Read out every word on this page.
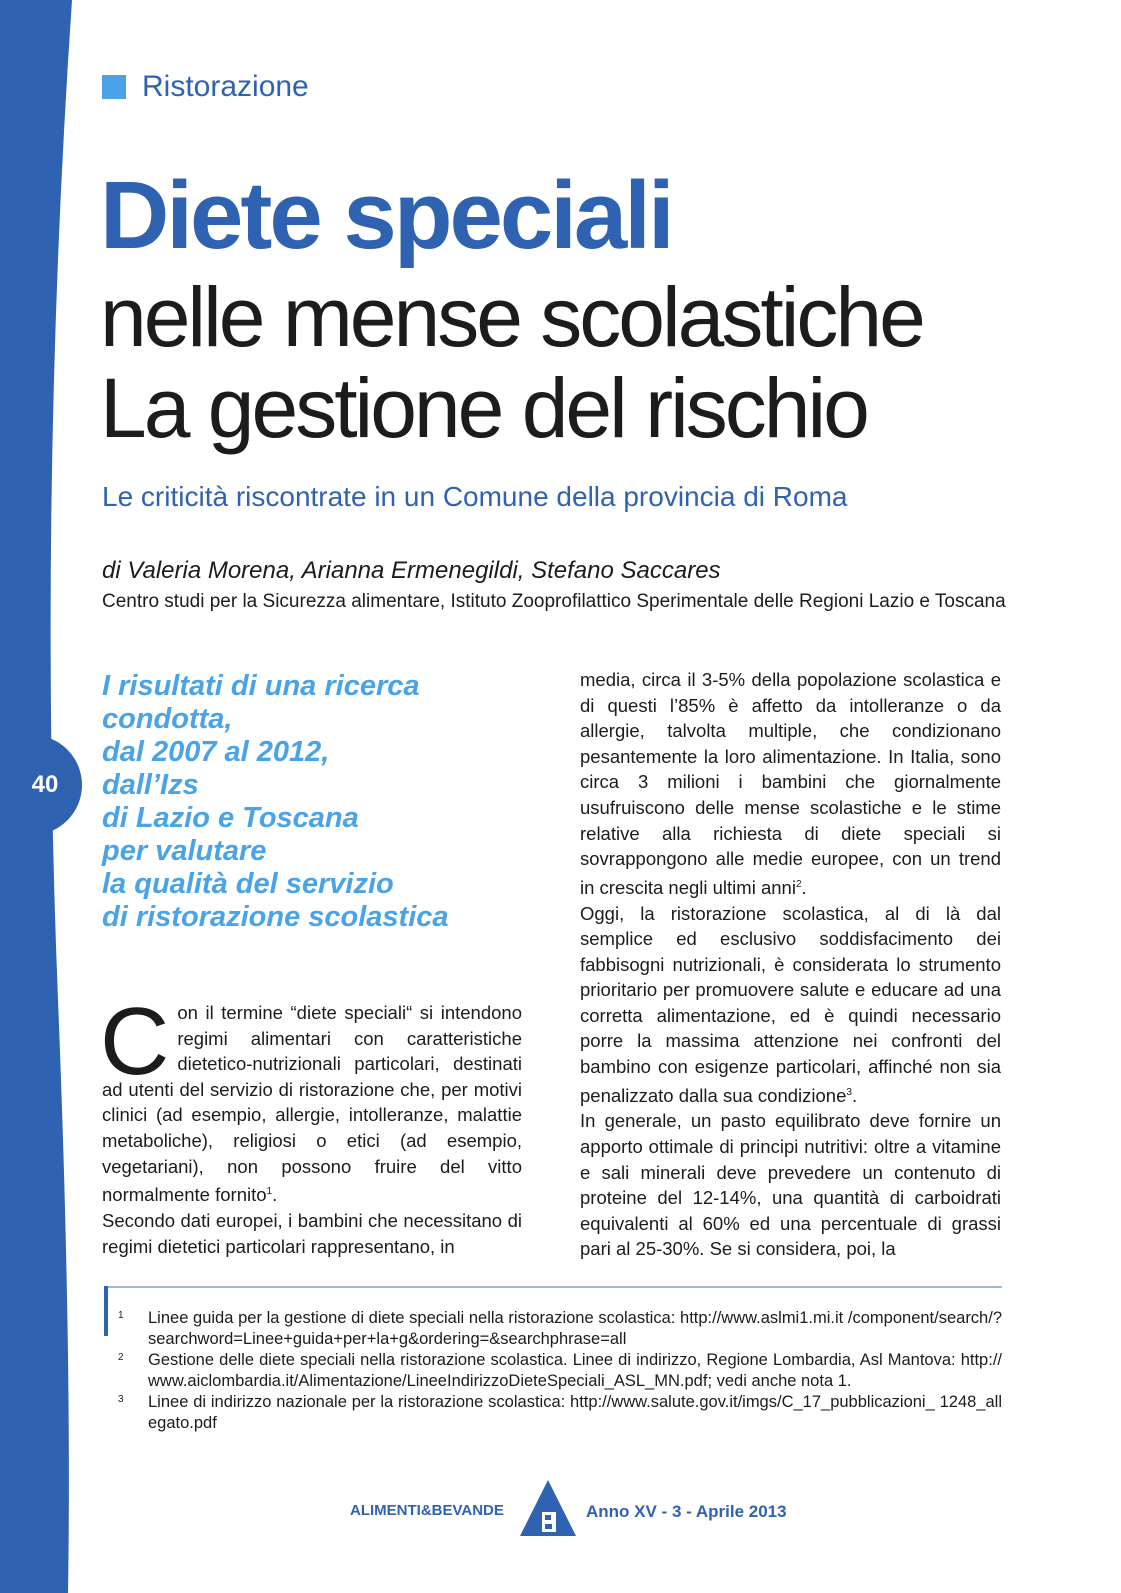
40
Ristorazione
Diete speciali
nelle mense scolastiche
La gestione del rischio
Le criticità riscontrate in un Comune della provincia di Roma
di Valeria Morena, Arianna Ermenegildi, Stefano Saccares
Centro studi per la Sicurezza alimentare, Istituto Zooprofilattico Sperimentale delle Regioni Lazio e Toscana
I risultati di una ricerca
condotta,
dal 2007 al 2012,
dall’Izs
di Lazio e Toscana
per valutare
la qualità del servizio
di ristorazione scolastica

Con il termine “diete speciali“ si intendono regimi alimentari con caratteristiche dietetico-nutrizionali particolari, destinati ad utenti del servizio di ristorazione che, per motivi clinici (ad esempio, allergie, intolleranze, malattie metaboliche), religiosi o etici (ad esempio, vegetariani), non possono fruire del vitto normalmente fornito$^1$.

Secondo dati europei, i bambini che necessitano di regimi dietetici particolari rappresentano, in

media, circa il 3-5% della popolazione scolastica e di questi l’85% è affetto da intolleranze o da allergie, talvolta multiple, che condizionano pesantemente la loro alimentazione. In Italia, sono circa 3 milioni i bambini che giornalmente usufruiscono delle mense scolastiche e le stime relative alla richiesta di diete speciali si sovrappongono alle medie europee, con un trend in crescita negli ultimi anni$^2$.

Oggi, la ristorazione scolastica, al di là dal semplice ed esclusivo soddisfacimento dei fabbisogni nutrizionali, è considerata lo strumento prioritario per promuovere salute e educare ad una corretta alimentazione, ed è quindi necessario porre la massima attenzione nei confronti del bambino con esigenze particolari, affinché non sia penalizzato dalla sua condizione$^3$.

In generale, un pasto equilibrato deve fornire un apporto ottimale di principi nutritivi: oltre a vitamine e sali minerali deve prevedere un contenuto di proteine del 12-14%, una quantità di carboidrati equivalenti al 60% ed una percentuale di grassi pari al 25-30%. Se si considera, poi, la

1	Linee guida per la gestione di diete speciali nella ristorazione scolastica: http://www.aslmi1.mi.it /component/search/?searchword=Linee+guida+per+la+g&ordering=&searchphrase=all
2	Gestione delle diete speciali nella ristorazione scolastica. Linee di indirizzo, Regione Lombardia, Asl Mantova: http://www.aiclombardia.it/Alimentazione/LineeIndirizzoDieteSpeciali_ASL_MN.pdf; vedi anche nota 1.
3	Linee di indirizzo nazionale per la ristorazione scolastica: http://www.salute.gov.it/imgs/C_17_pubblicazioni_ 1248_allegato.pdf
ALIMENTI&BEVANDE	Anno XV - 3 - Aprile 2013
